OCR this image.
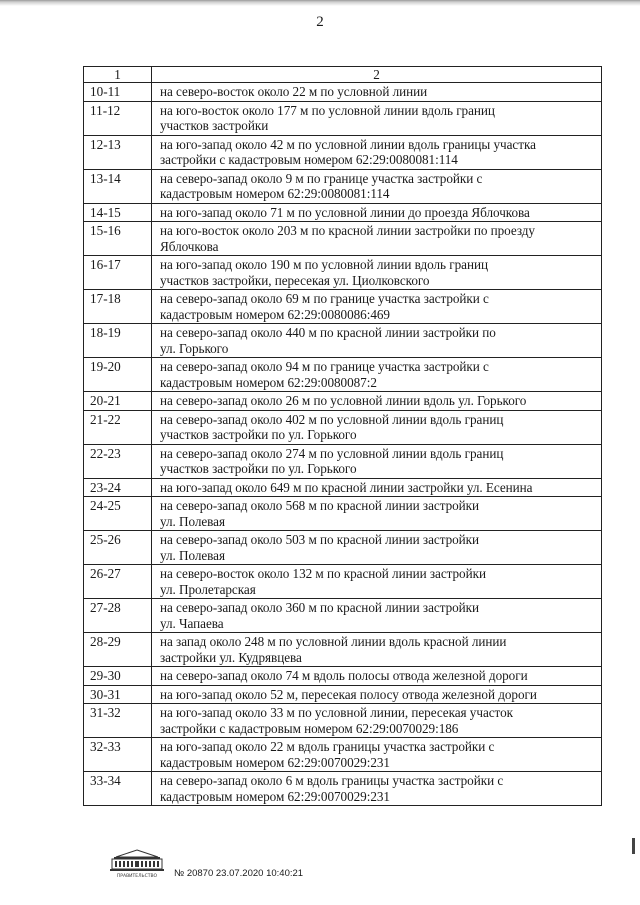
2
1	2
10-11	на северо-восток около 22 м по условной линии

11-12	на юго-восток около 177 м по условной линии вдоль границ
участков застройки

12-13	на юго-запад около 42 м по условной линии вдоль границы участка
застройки с кадастровым номером 62:29:0080081:114

13-14	на северо-запад около 9 м по границе участка застройки с
кадастровым номером 62:29:0080081:114

14-15	на юго-запад около 71 м по условной линии до проезда Яблочкова

15-16	на юго-восток около 203 м по красной линии застройки по проезду
Яблочкова

16-17	на юго-запад около 190 м по условной линии вдоль границ
участков застройки, пересекая ул. Циолковского

17-18	на северо-запад около 69 м по границе участка застройки с
кадастровым номером 62:29:0080086:469

18-19	на северо-запад около 440 м по красной линии застройки по
ул. Горького

19-20	на северо-запад около 94 м по границе участка застройки с
кадастровым номером 62:29:0080087:2

20-21	на северо-запад около 26 м по условной линии вдоль ул. Горького

21-22	на северо-запад около 402 м по условной линии вдоль границ
участков застройки по ул. Горького

22-23	на северо-запад около 274 м по условной линии вдоль границ
участков застройки по ул. Горького

23-24	на юго-запад около 649 м по красной линии застройки ул. Есенина

24-25	на северо-запад около 568 м по красной линии застройки
ул. Полевая

25-26	на северо-запад около 503 м по красной линии застройки
ул. Полевая

26-27	на северо-восток около 132 м по красной линии застройки
ул. Пролетарская

27-28	на северо-запад около 360 м по красной линии застройки
ул. Чапаева

28-29	на запад около 248 м по условной линии вдоль красной линии
застройки ул. Кудрявцева

29-30	на северо-запад около 74 м вдоль полосы отвода железной дороги

30-31	на юго-запад около 52 м, пересекая полосу отвода железной дороги

31-32	на юго-запад около 33 м по условной линии, пересекая участок
застройки с кадастровым номером 62:29:0070029:186

32-33	на юго-запад около 22 м вдоль границы участка застройки с
кадастровым номером 62:29:0070029:231

33-34	на северо-запад около 6 м вдоль границы участка застройки с
кадастровым номером 62:29:0070029:231
ПРАВИТЕЛЬСТВО № 20870 23.07.2020 10:40:21
